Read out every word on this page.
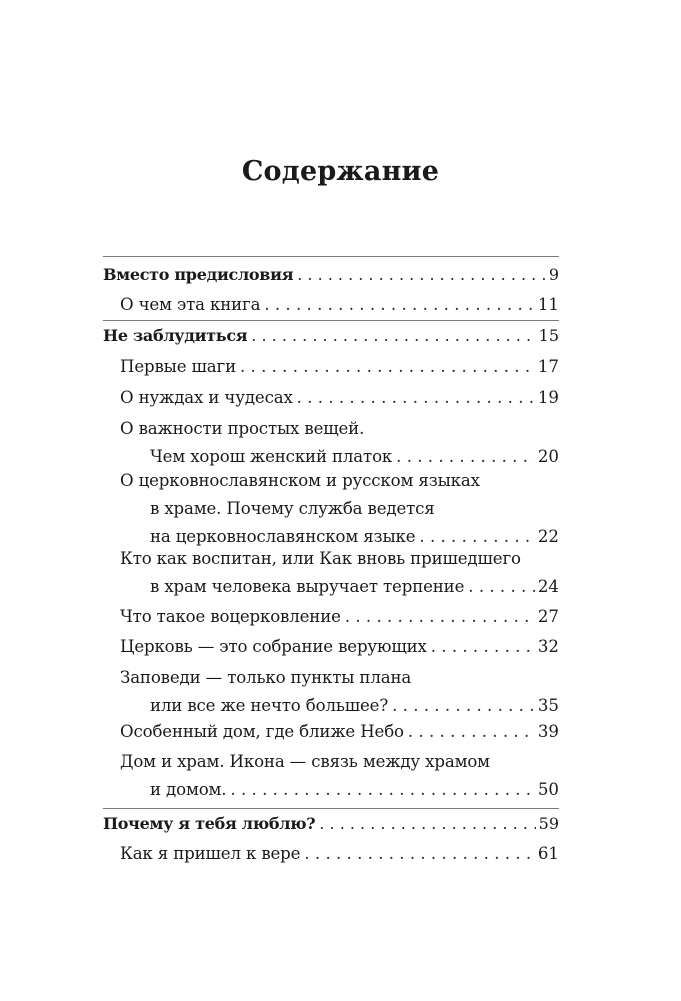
Содержание
Вместо предисловия . . .	9
О чем эта книга . . .	11
Не заблудиться . . .	15
Первые шаги . . .	17
О нуждах и чудесах . . .	19
О важности простых вещей.
Чем хорош женский платок . . .	20
О церковнославянском и русском языках
в храме. Почему служба ведется
на церковнославянском языке . . .	22
Кто как воспитан, или Как вновь пришедшего
в храм человека выручает терпение . . .	24
Что такое воцерковление . . .	27
Церковь — это собрание верующих . . .	32
Заповеди — только пункты плана
или все же нечто большее? . . .	35
Особенный дом, где ближе Небо . . .	39
Дом и храм. Икона — связь между храмом
и домом. . . .	50
Почему я тебя люблю? . . .	59
Как я пришел к вере . . .	61
